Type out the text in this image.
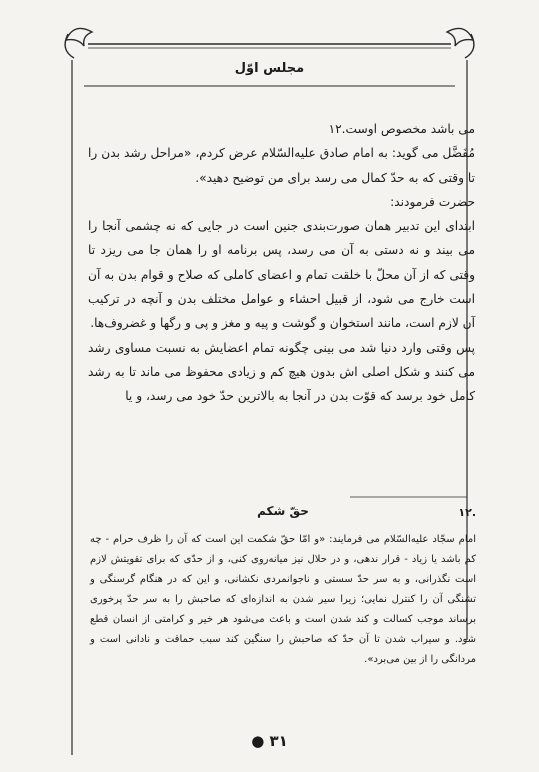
مجلس اوّل

می باشد مخصوص اوست.١٢

مُفَضَّل می گوید: به امام صادق علیه‌السّلام عرض کردم، «مراحل رشد بدن را تا وقتی که به حدّ کمال می رسد برای من توضیح دهید».

حضرت فرمودند:

ابتدای این تدبیر همان صورت‌بندی جنین است در جایی که نه چشمی آنجا را می بیند و نه دستی به آن می رسد، پس برنامه او را همان جا می ریزد تا وقتی که از آن محلّ با خلقت تمام و اعضای کاملی که صلاح و قوام بدن به آن است خارج می شود، از قبیل احشاء و عوامل مختلف بدن و آنچه در ترکیب آن لازم است، مانند استخوان و گوشت و پیه و مغز و پی و رگها و غضروف‌ها.

پس وقتی وارد دنیا شد می بینی چگونه تمام اعضایش به نسبت مساوی رشد می کنند و شکل اصلی اش بدون هیچ کم و زیادی محفوظ می ماند تا به رشد کامل خود برسد که قوّت بدن در آنجا به بالاترین حدّ خود می رسد، و یا

.١٢
حقّ شکم
امام سجّاد علیه‌السّلام می فرمایند: «و امّا حقّ شکمت این است که آن را ظرف حرام - چه کم باشد یا زیاد - قرار ندهی، و در حلال نیز میانه‌روی کنی، و از حدّی که برای تقویتش لازم است نگذرانی، و به سر حدّ سستی و ناجوانمردی نکشانی، و این که در هنگام گرسنگی و تشنگی آن را کنترل نمایی؛ زیرا سیر شدن به اندازه‌ای که صاحبش را به سر حدّ پرخوری برساند موجب کسالت و کند شدن است و باعث می‌شود هر خیر و کرامتی از انسان قطع شود. و سیراب شدن تا آن حدّ که صاحبش را سنگین کند سبب حماقت و نادانی است و مردانگی را از بین می‌برد».
● ٣١
